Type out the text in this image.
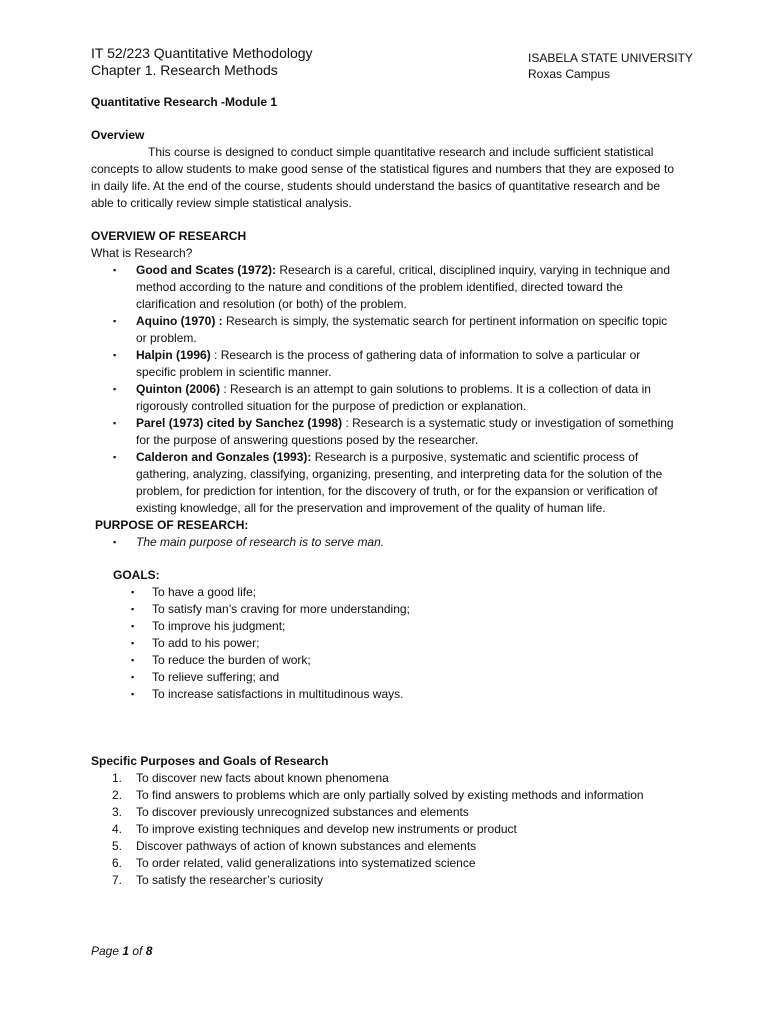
IT 52/223 Quantitative Methodology
Chapter 1. Research Methods
ISABELA STATE UNIVERSITY
Roxas Campus
Quantitative Research -Module 1
Overview
This course is designed to conduct simple quantitative research and include sufficient statistical concepts to allow students to make good sense of the statistical figures and numbers that they are exposed to in daily life. At the end of the course, students should understand the basics of quantitative research and be able to critically review simple statistical analysis.
OVERVIEW OF RESEARCH
What is Research?
▪ Good and Scates (1972): Research is a careful, critical, disciplined inquiry, varying in technique and method according to the nature and conditions of the problem identified, directed toward the clarification and resolution (or both) of the problem.
▪ Aquino (1970) : Research is simply, the systematic search for pertinent information on specific topic or problem.
▪ Halpin (1996) : Research is the process of gathering data of information to solve a particular or specific problem in scientific manner.
▪ Quinton (2006) : Research is an attempt to gain solutions to problems. It is a collection of data in rigorously controlled situation for the purpose of prediction or explanation.
▪ Parel (1973) cited by Sanchez (1998) : Research is a systematic study or investigation of something for the purpose of answering questions posed by the researcher.
▪ Calderon and Gonzales (1993): Research is a purposive, systematic and scientific process of gathering, analyzing, classifying, organizing, presenting, and interpreting data for the solution of the problem, for prediction for intention, for the discovery of truth, or for the expansion or verification of existing knowledge, all for the preservation and improvement of the quality of human life.
PURPOSE OF RESEARCH:
▪ The main purpose of research is to serve man.
GOALS:
▪ To have a good life;
▪ To satisfy man’s craving for more understanding;
▪ To improve his judgment;
▪ To add to his power;
▪ To reduce the burden of work;
▪ To relieve suffering; and
▪ To increase satisfactions in multitudinous ways.
Specific Purposes and Goals of Research
1. To discover new facts about known phenomena
2. To find answers to problems which are only partially solved by existing methods and information
3. To discover previously unrecognized substances and elements
4. To improve existing techniques and develop new instruments or product
5. Discover pathways of action of known substances and elements
6. To order related, valid generalizations into systematized science
7. To satisfy the researcher’s curiosity
Page 1 of 8
